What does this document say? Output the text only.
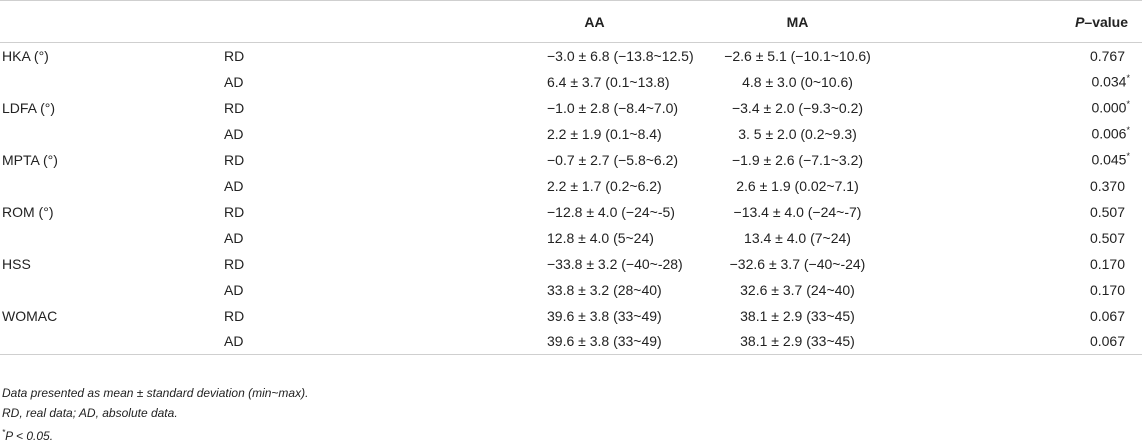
		AA	MA	P–value
HKA (°)	RD	−3.0 ± 6.8 (−13.8~12.5)	−2.6 ± 5.1 (−10.1~10.6)	0.767
	AD	6.4 ± 3.7 (0.1~13.8)	4.8 ± 3.0 (0~10.6)	0.034*
LDFA (°)	RD	−1.0 ± 2.8 (−8.4~7.0)	−3.4 ± 2.0 (−9.3~0.2)	0.000*
	AD	2.2 ± 1.9 (0.1~8.4)	3. 5 ± 2.0 (0.2~9.3)	0.006*
MPTA (°)	RD	−0.7 ± 2.7 (−5.8~6.2)	−1.9 ± 2.6 (−7.1~3.2)	0.045*
	AD	2.2 ± 1.7 (0.2~6.2)	2.6 ± 1.9 (0.02~7.1)	0.370
ROM (°)	RD	−12.8 ± 4.0 (−24~-5)	−13.4 ± 4.0 (−24~-7)	0.507
	AD	12.8 ± 4.0 (5~24)	13.4 ± 4.0 (7~24)	0.507
HSS	RD	−33.8 ± 3.2 (−40~-28)	−32.6 ± 3.7 (−40~-24)	0.170
	AD	33.8 ± 3.2 (28~40)	32.6 ± 3.7 (24~40)	0.170
WOMAC	RD	39.6 ± 3.8 (33~49)	38.1 ± 2.9 (33~45)	0.067
	AD	39.6 ± 3.8 (33~49)	38.1 ± 2.9 (33~45)	0.067
Data presented as mean ± standard deviation (min~max).
RD, real data; AD, absolute data.
*P < 0.05.
